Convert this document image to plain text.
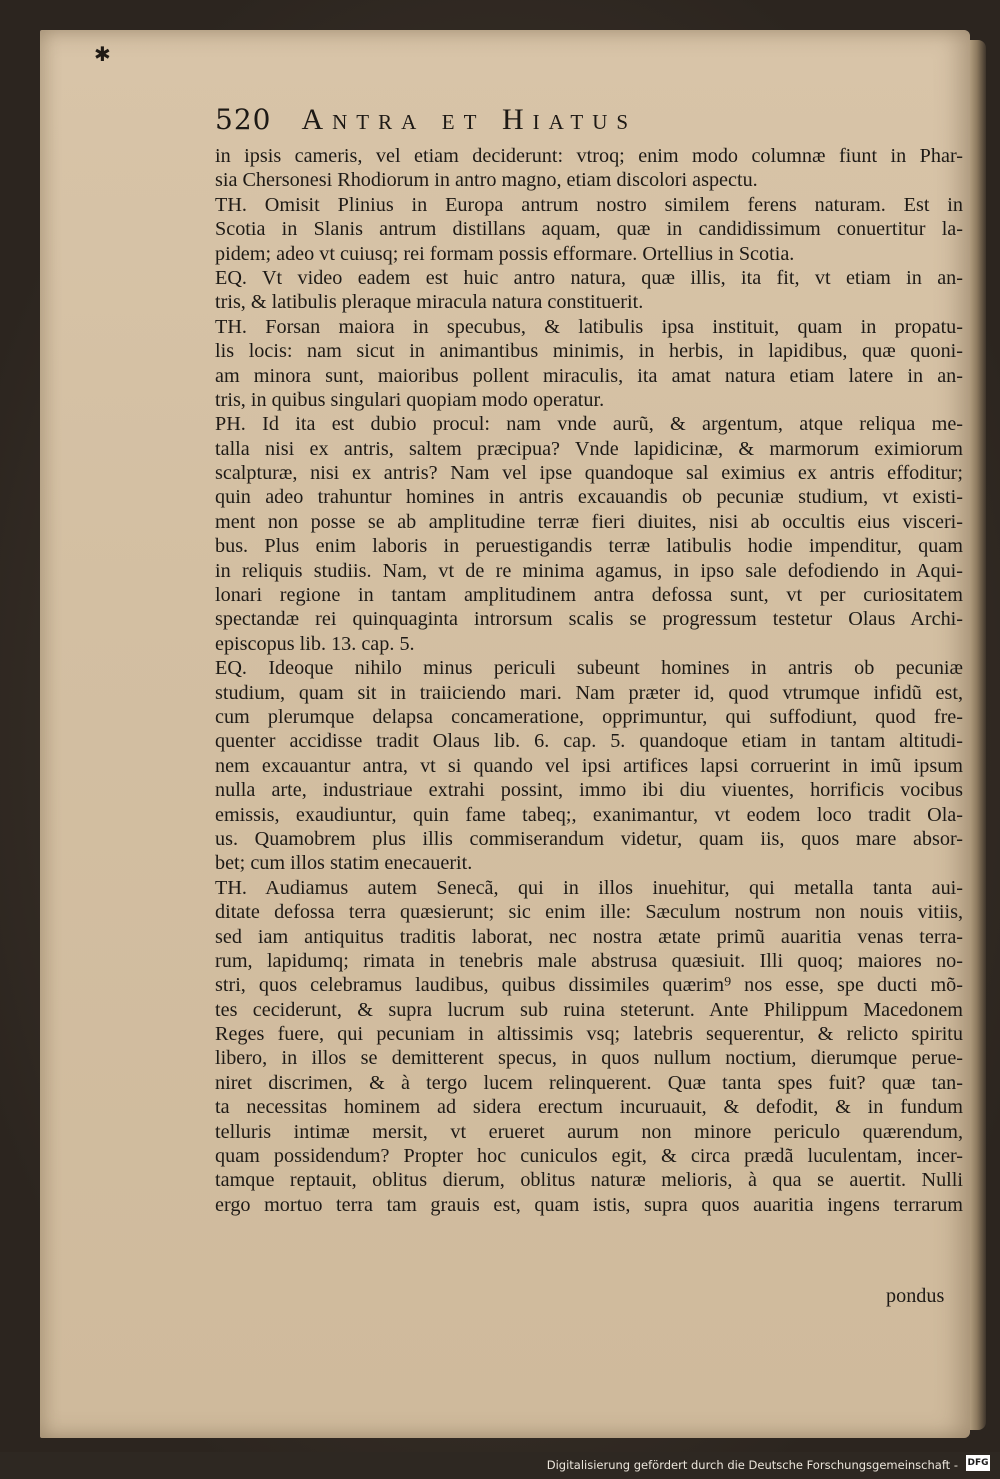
✱
520 Antra et Hiatus
in ipsis cameris, vel etiam deciderunt: vtroq; enim modo columnæ fiunt in Phar-
sia Chersonesi Rhodiorum in antro magno, etiam discolori aspectu.
TH. Omisit Plinius in Europa antrum nostro similem ferens naturam. Est in
Scotia in Slanis antrum distillans aquam, quæ in candidissimum conuertitur la-
pidem; adeo vt cuiusq; rei formam possis efformare. Ortellius in Scotia.
EQ. Vt video eadem est huic antro natura, quæ illis, ita fit, vt etiam in an-
tris, & latibulis pleraque miracula natura constituerit.
TH. Forsan maiora in specubus, & latibulis ipsa instituit, quam in propatu-
lis locis: nam sicut in animantibus minimis, in herbis, in lapidibus, quæ quoni-
am minora sunt, maioribus pollent miraculis, ita amat natura etiam latere in an-
tris, in quibus singulari quopiam modo operatur.
PH. Id ita est dubio procul: nam vnde aurũ, & argentum, atque reliqua me-
talla nisi ex antris, saltem præcipua? Vnde lapidicinæ, & marmorum eximiorum
scalpturæ, nisi ex antris? Nam vel ipse quandoque sal eximius ex antris effoditur;
quin adeo trahuntur homines in antris excauandis ob pecuniæ studium, vt existi-
ment non posse se ab amplitudine terræ fieri diuites, nisi ab occultis eius visceri-
bus. Plus enim laboris in peruestigandis terræ latibulis hodie impenditur, quam
in reliquis studiis. Nam, vt de re minima agamus, in ipso sale defodiendo in Aqui-
lonari regione in tantam amplitudinem antra defossa sunt, vt per curiositatem
spectandæ rei quinquaginta introrsum scalis se progressum testetur Olaus Archi-
episcopus lib. 13. cap. 5.
EQ. Ideoque nihilo minus periculi subeunt homines in antris ob pecuniæ
studium, quam sit in traiiciendo mari. Nam præter id, quod vtrumque infidũ est,
cum plerumque delapsa concameratione, opprimuntur, qui suffodiunt, quod fre-
quenter accidisse tradit Olaus lib. 6. cap. 5. quandoque etiam in tantam altitudi-
nem excauantur antra, vt si quando vel ipsi artifices lapsi corruerint in imũ ipsum
nulla arte, industriaue extrahi possint, immo ibi diu viuentes, horrificis vocibus
emissis, exaudiuntur, quin fame tabeq;, exanimantur, vt eodem loco tradit Ola-
us. Quamobrem plus illis commiserandum videtur, quam iis, quos mare absor-
bet; cum illos statim enecauerit.
TH. Audiamus autem Senecã, qui in illos inuehitur, qui metalla tanta aui-
ditate defossa terra quæsierunt; sic enim ille: Sæculum nostrum non nouis vitiis,
sed iam antiquitus traditis laborat, nec nostra ætate primũ auaritia venas terra-
rum, lapidumq; rimata in tenebris male abstrusa quæsiuit. Illi quoq; maiores no-
stri, quos celebramus laudibus, quibus dissimiles quærim⁹ nos esse, spe ducti mõ-
tes ceciderunt, & supra lucrum sub ruina steterunt. Ante Philippum Macedonem
Reges fuere, qui pecuniam in altissimis vsq; latebris sequerentur, & relicto spiritu
libero, in illos se demitterent specus, in quos nullum noctium, dierumque perue-
niret discrimen, & à tergo lucem relinquerent. Quæ tanta spes fuit? quæ tan-
ta necessitas hominem ad sidera erectum incuruauit, & defodit, & in fundum
telluris intimæ mersit, vt erueret aurum non minore periculo quærendum,
quam possidendum? Propter hoc cuniculos egit, & circa prædã luculentam, incer-
tamque reptauit, oblitus dierum, oblitus naturæ melioris, à qua se auertit. Nulli
ergo mortuo terra tam grauis est, quam istis, supra quos auaritia ingens terrarum
pondus
Digitalisierung gefördert durch die Deutsche Forschungsgemeinschaft - DFG
